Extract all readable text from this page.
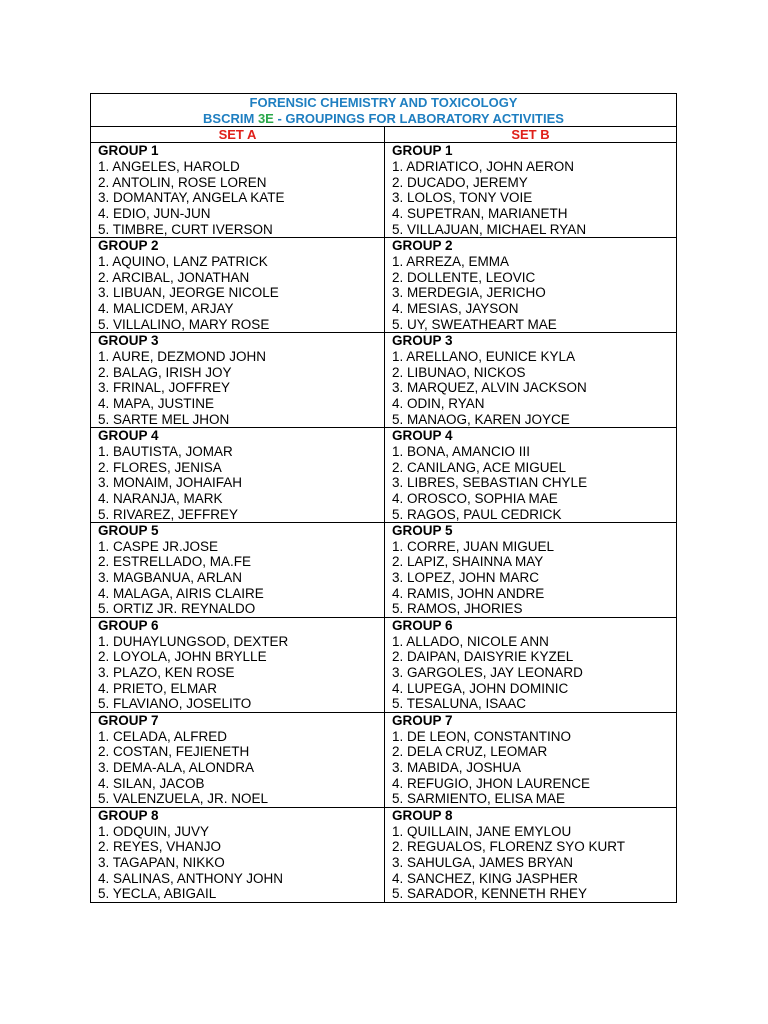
FORENSIC CHEMISTRY AND TOXICOLOGY
BSCRIM 3E - GROUPINGS FOR LABORATORY ACTIVITIES
SET A	SET B
GROUP 1
1. ANGELES, HAROLD
2. ANTOLIN, ROSE LOREN
3. DOMANTAY, ANGELA KATE
4. EDIO, JUN-JUN
5. TIMBRE, CURT IVERSON
GROUP 1
1. ADRIATICO, JOHN AERON
2. DUCADO, JEREMY
3. LOLOS, TONY VOIE
4. SUPETRAN, MARIANETH
5. VILLAJUAN, MICHAEL RYAN
GROUP 2
1. AQUINO, LANZ PATRICK
2. ARCIBAL, JONATHAN
3. LIBUAN, JEORGE NICOLE
4. MALICDEM, ARJAY
5. VILLALINO, MARY ROSE
GROUP 2
1. ARREZA, EMMA
2. DOLLENTE, LEOVIC
3. MERDEGIA, JERICHO
4. MESIAS, JAYSON
5. UY, SWEATHEART MAE
GROUP 3
1. AURE, DEZMOND JOHN
2. BALAG, IRISH JOY
3. FRINAL, JOFFREY
4. MAPA, JUSTINE
5. SARTE MEL JHON
GROUP 3
1. ARELLANO, EUNICE KYLA
2. LIBUNAO, NICKOS
3. MARQUEZ, ALVIN JACKSON
4. ODIN, RYAN
5. MANAOG, KAREN JOYCE
GROUP 4
1. BAUTISTA, JOMAR
2. FLORES, JENISA
3. MONAIM, JOHAIFAH
4. NARANJA, MARK
5. RIVAREZ, JEFFREY
GROUP 4
1. BONA, AMANCIO III
2. CANILANG, ACE MIGUEL
3. LIBRES, SEBASTIAN CHYLE
4. OROSCO, SOPHIA MAE
5. RAGOS, PAUL CEDRICK
GROUP 5
1. CASPE JR.JOSE
2. ESTRELLADO, MA.FE
3. MAGBANUA, ARLAN
4. MALAGA, AIRIS CLAIRE
5. ORTIZ JR. REYNALDO
GROUP 5
1. CORRE, JUAN MIGUEL
2. LAPIZ, SHAINNA MAY
3. LOPEZ, JOHN MARC
4. RAMIS, JOHN ANDRE
5. RAMOS, JHORIES
GROUP 6
1. DUHAYLUNGSOD, DEXTER
2. LOYOLA, JOHN BRYLLE
3. PLAZO, KEN ROSE
4. PRIETO, ELMAR
5. FLAVIANO, JOSELITO
GROUP 6
1. ALLADO, NICOLE ANN
2. DAIPAN, DAISYRIE KYZEL
3. GARGOLES, JAY LEONARD
4. LUPEGA, JOHN DOMINIC
5. TESALUNA, ISAAC
GROUP 7
1. CELADA, ALFRED
2. COSTAN, FEJIENETH
3. DEMA-ALA, ALONDRA
4. SILAN, JACOB
5. VALENZUELA, JR. NOEL
GROUP 7
1. DE LEON, CONSTANTINO
2. DELA CRUZ, LEOMAR
3. MABIDA, JOSHUA
4. REFUGIO, JHON LAURENCE
5. SARMIENTO, ELISA MAE
GROUP 8
1. ODQUIN, JUVY
2. REYES, VHANJO
3. TAGAPAN, NIKKO
4. SALINAS, ANTHONY JOHN
5. YECLA, ABIGAIL
GROUP 8
1. QUILLAIN, JANE EMYLOU
2. REGUALOS, FLORENZ SYO KURT
3. SAHULGA, JAMES BRYAN
4. SANCHEZ, KING JASPHER
5. SARADOR, KENNETH RHEY
